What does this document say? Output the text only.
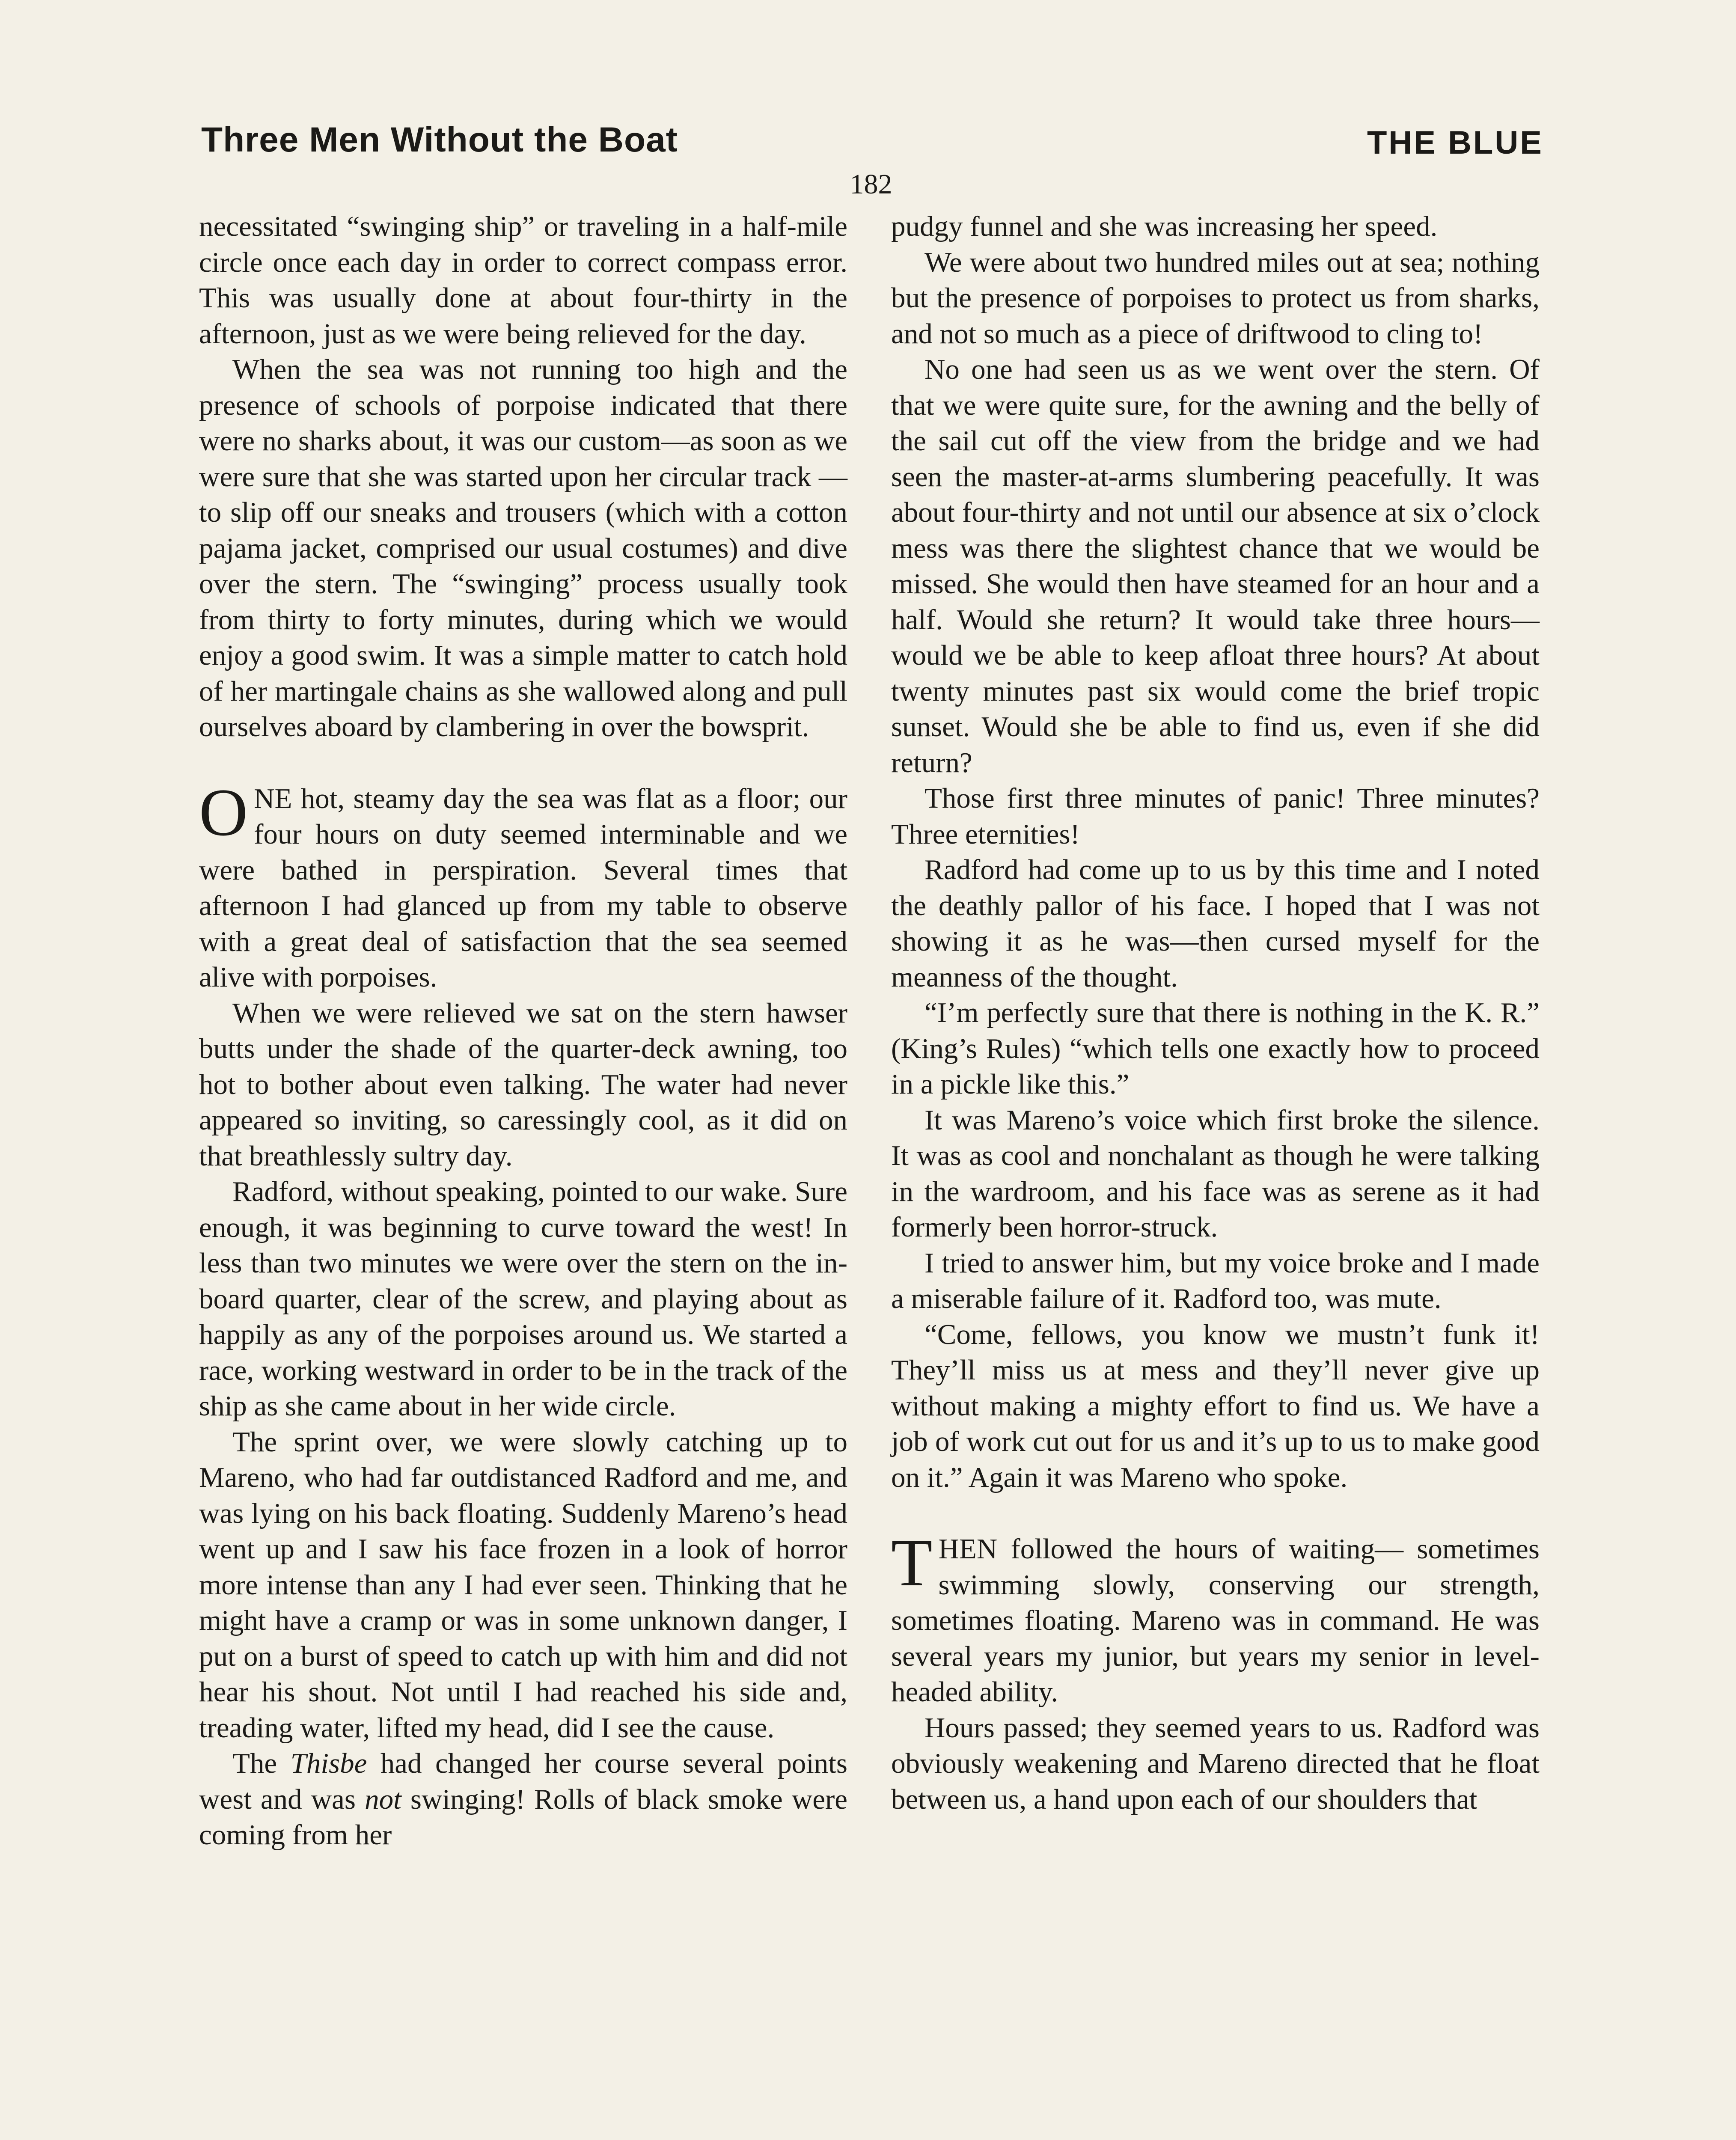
Three Men Without the Boat	THE BLUE
182

necessitated “swinging ship” or traveling in a half-mile circle once each day in order to correct compass error. This was usually done at about four-thirty in the afternoon, just as we were being relieved for the day.

When the sea was not running too high and the presence of schools of porpoise indicated that there were no sharks about, it was our custom—as soon as we were sure that she was started upon her circular track —to slip off our sneaks and trousers (which with a cotton pajama jacket, comprised our usual costumes) and dive over the stern. The “swinging” process usually took from thirty to forty minutes, during which we would enjoy a good swim. It was a simple matter to catch hold of her martingale chains as she wallowed along and pull ourselves aboard by clambering in over the bowsprit.

ONE hot, steamy day the sea was flat as a floor; our four hours on duty seemed interminable and we were bathed in perspiration. Several times that afternoon I had glanced up from my table to observe with a great deal of satisfaction that the sea seemed alive with porpoises.

When we were relieved we sat on the stern hawser butts under the shade of the quarter-deck awning, too hot to bother about even talking. The water had never appeared so inviting, so caressingly cool, as it did on that breathlessly sultry day.

Radford, without speaking, pointed to our wake. Sure enough, it was beginning to curve toward the west! In less than two minutes we were over the stern on the inboard quarter, clear of the screw, and playing about as happily as any of the porpoises around us. We started a race, working westward in order to be in the track of the ship as she came about in her wide circle.

The sprint over, we were slowly catching up to Mareno, who had far outdistanced Radford and me, and was lying on his back floating. Suddenly Mareno’s head went up and I saw his face frozen in a look of horror more intense than any I had ever seen. Thinking that he might have a cramp or was in some unknown danger, I put on a burst of speed to catch up with him and did not hear his shout. Not until I had reached his side and, treading water, lifted my head, did I see the cause.

The Thisbe had changed her course several points west and was not swinging! Rolls of black smoke were coming from her

pudgy funnel and she was increasing her speed.

We were about two hundred miles out at sea; nothing but the presence of porpoises to protect us from sharks, and not so much as a piece of driftwood to cling to!

No one had seen us as we went over the stern. Of that we were quite sure, for the awning and the belly of the sail cut off the view from the bridge and we had seen the master-at-arms slumbering peacefully. It was about four-thirty and not until our absence at six o’clock mess was there the slightest chance that we would be missed. She would then have steamed for an hour and a half. Would she return? It would take three hours—would we be able to keep afloat three hours? At about twenty minutes past six would come the brief tropic sunset. Would she be able to find us, even if she did return?

Those first three minutes of panic! Three minutes? Three eternities!

Radford had come up to us by this time and I noted the deathly pallor of his face. I hoped that I was not showing it as he was—then cursed myself for the meanness of the thought.

“I’m perfectly sure that there is nothing in the K. R.” (King’s Rules) “which tells one exactly how to proceed in a pickle like this.”

It was Mareno’s voice which first broke the silence. It was as cool and nonchalant as though he were talking in the wardroom, and his face was as serene as it had formerly been horror-struck.

I tried to answer him, but my voice broke and I made a miserable failure of it. Radford too, was mute.

“Come, fellows, you know we mustn’t funk it! They’ll miss us at mess and they’ll never give up without making a mighty effort to find us. We have a job of work cut out for us and it’s up to us to make good on it.” Again it was Mareno who spoke.

THEN followed the hours of waiting— sometimes swimming slowly, conserving our strength, sometimes floating. Mareno was in command. He was several years my junior, but years my senior in level-headed ability.

Hours passed; they seemed years to us. Radford was obviously weakening and Mareno directed that he float between us, a hand upon each of our shoulders that
